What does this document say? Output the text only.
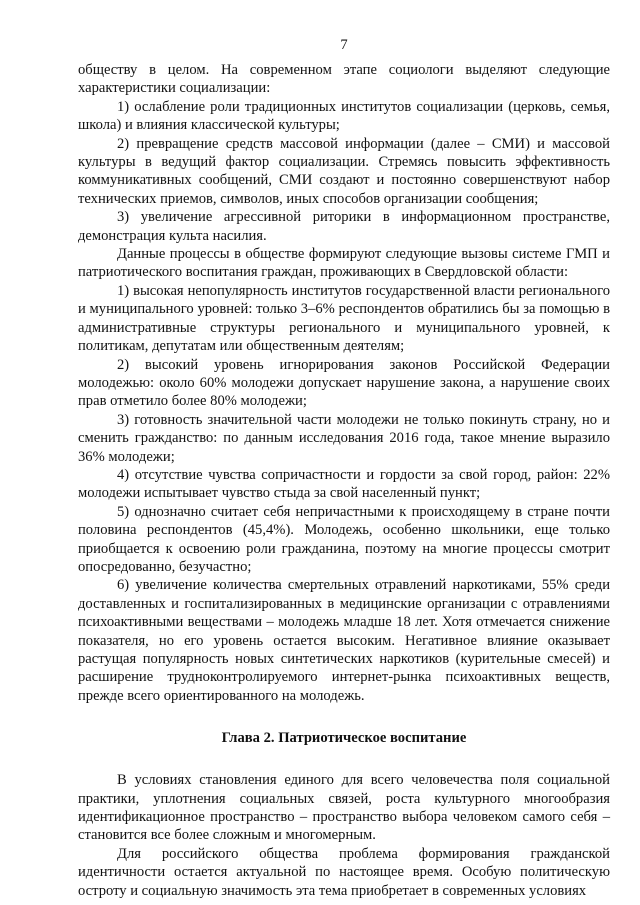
7

обществу в целом. На современном этапе социологи выделяют следующие характеристики социализации:

1) ослабление роли традиционных институтов социализации (церковь, семья, школа) и влияния классической культуры;

2) превращение средств массовой информации (далее – СМИ) и массовой культуры в ведущий фактор социализации. Стремясь повысить эффективность коммуникативных сообщений, СМИ создают и постоянно совершенствуют набор технических приемов, символов, иных способов организации сообщения;

3) увеличение агрессивной риторики в информационном пространстве, демонстрация культа насилия.

Данные процессы в обществе формируют следующие вызовы системе ГМП и патриотического воспитания граждан, проживающих в Свердловской области:

1) высокая непопулярность институтов государственной власти регионального и муниципального уровней: только 3–6% респондентов обратились бы за помощью в административные структуры регионального и муниципального уровней, к политикам, депутатам или общественным деятелям;

2) высокий уровень игнорирования законов Российской Федерации молодежью: около 60% молодежи допускает нарушение закона, а нарушение своих прав отметило более 80% молодежи;

3) готовность значительной части молодежи не только покинуть страну, но и сменить гражданство: по данным исследования 2016 года, такое мнение выразило 36% молодежи;

4) отсутствие чувства сопричастности и гордости за свой город, район: 22% молодежи испытывает чувство стыда за свой населенный пункт;

5) однозначно считает себя непричастными к происходящему в стране почти половина респондентов (45,4%). Молодежь, особенно школьники, еще только приобщается к освоению роли гражданина, поэтому на многие процессы смотрит опосредованно, безучастно;

6) увеличение количества смертельных отравлений наркотиками, 55% среди доставленных и госпитализированных в медицинские организации с отравлениями психоактивными веществами – молодежь младше 18 лет. Хотя отмечается снижение показателя, но его уровень остается высоким. Негативное влияние оказывает растущая популярность новых синтетических наркотиков (курительные смесей) и расширение трудноконтролируемого интернет-рынка психоактивных веществ, прежде всего ориентированного на молодежь.

Глава 2. Патриотическое воспитание

В условиях становления единого для всего человечества поля социальной практики, уплотнения социальных связей, роста культурного многообразия идентификационное пространство – пространство выбора человеком самого себя – становится все более сложным и многомерным.

Для российского общества проблема формирования гражданской идентичности остается актуальной по настоящее время. Особую политическую остроту и социальную значимость эта тема приобретает в современных условиях
